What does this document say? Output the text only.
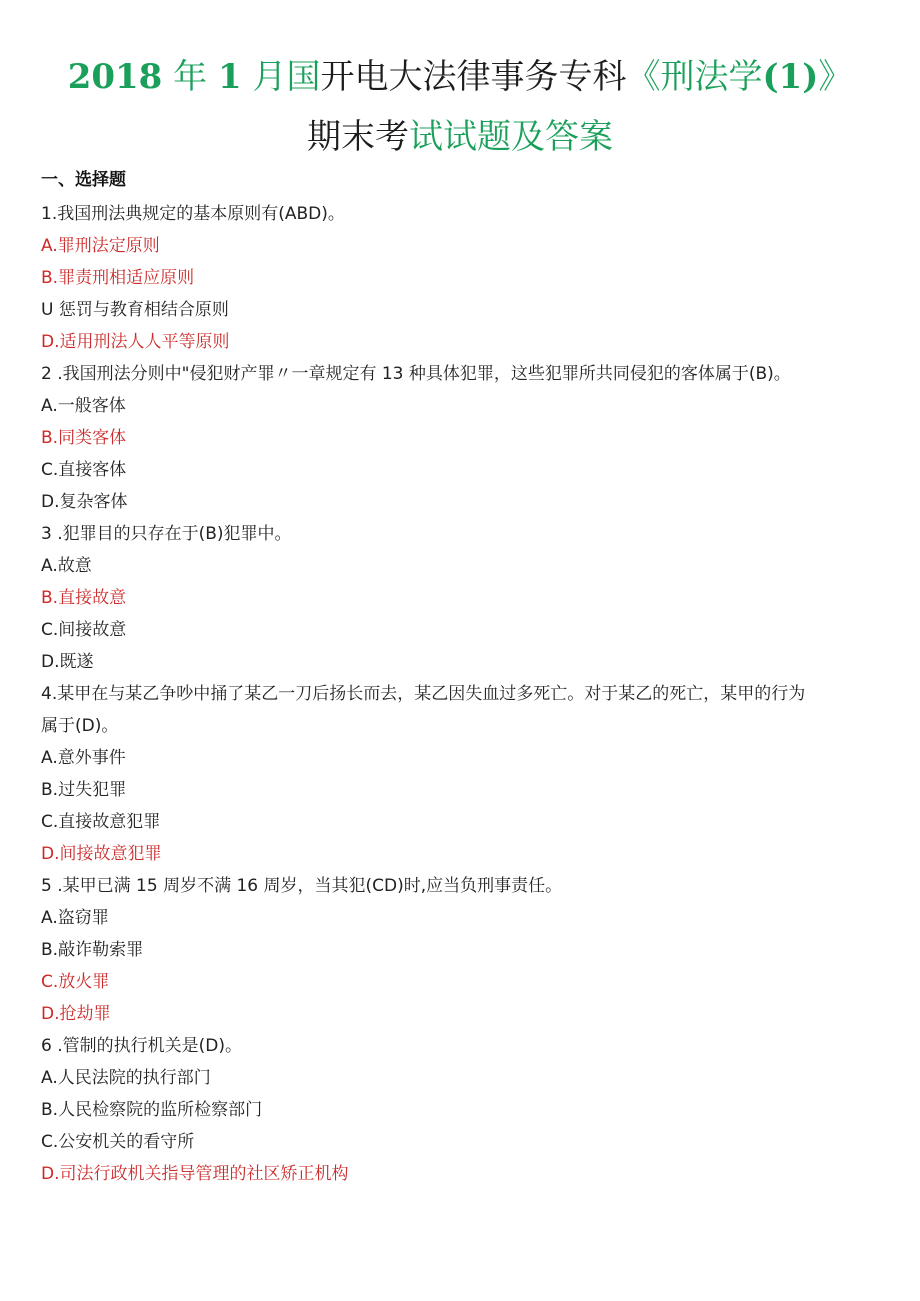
2018 年 1 月国开电大法律事务专科《刑法学(1)》
期末考试试题及答案
一、选择题
1.我国刑法典规定的基本原则有(ABD)。
A.罪刑法定原则
B.罪责刑相适应原则
U 惩罚与教育相结合原则
D.适用刑法人人平等原则
2 .我国刑法分则中"侵犯财产罪〃一章规定有 13 种具体犯罪，这些犯罪所共同侵犯的客体属于(B)。
A.一般客体
B.同类客体
C.直接客体
D.复杂客体
3 .犯罪目的只存在于(B)犯罪中。
A.故意
B.直接故意
C.间接故意
D.既遂
4.某甲在与某乙争吵中捅了某乙一刀后扬长而去，某乙因失血过多死亡。对于某乙的死亡，某甲的行为
属于(D)。
A.意外事件
B.过失犯罪
C.直接故意犯罪
D.间接故意犯罪
5 .某甲已满 15 周岁不满 16 周岁，当其犯(CD)时,应当负刑事责任。
A.盗窃罪
B.敲诈勒索罪
C.放火罪
D.抢劫罪
6 .管制的执行机关是(D)。
A.人民法院的执行部门
B.人民检察院的监所检察部门
C.公安机关的看守所
D.司法行政机关指导管理的社区矫正机构
